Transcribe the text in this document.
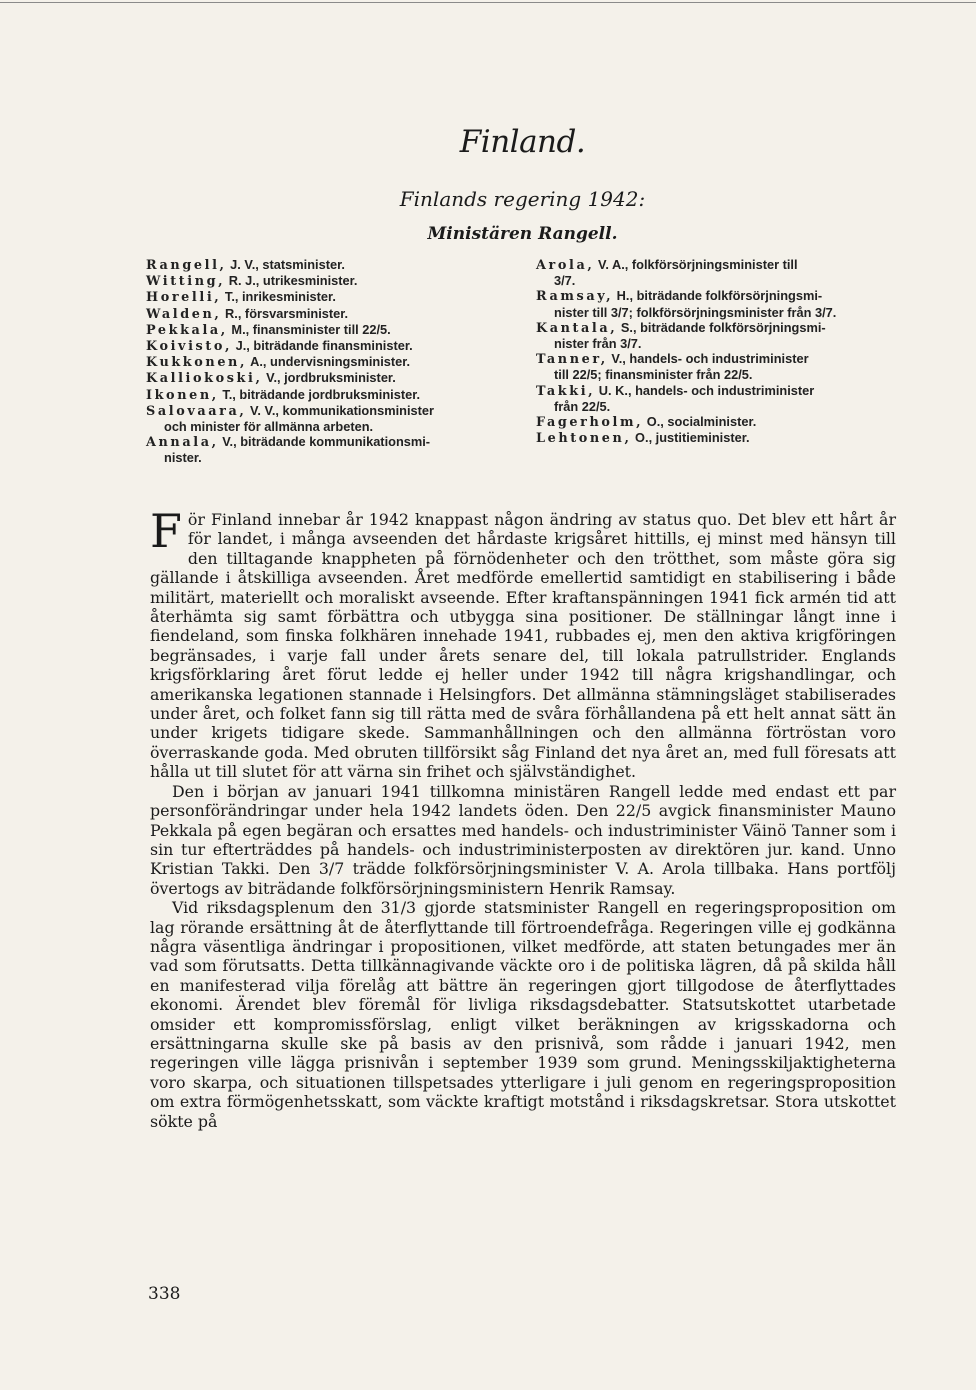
Finland.
Finlands regering 1942:
Ministären Rangell.
Rangell, J. V., statsminister.
Witting, R. J., utrikesminister.
Horelli, T., inrikesminister.
Walden, R., försvarsminister.
Pekkala, M., finansminister till 22/5.
Koivisto, J., biträdande finansminister.
Kukkonen, A., undervisningsminister.
Kalliokoski, V., jordbruksminister.
Ikonen, T., biträdande jordbruksminister.
Salovaara, V. V., kommunikationsminister
och minister för allmänna arbeten.
Annala, V., biträdande kommunikationsmi-
nister.
Arola, V. A., folkförsörjningsminister till
3/7.
Ramsay, H., biträdande folkförsörjningsmi-
nister till 3/7; folkförsörjningsminister från 3/7.
Kantala, S., biträdande folkförsörjningsmi-
nister från 3/7.
Tanner, V., handels- och industriminister
till 22/5; finansminister från 22/5.
Takki, U. K., handels- och industriminister
från 22/5.
Fagerholm, O., socialminister.
Lehtonen, O., justitieminister.

För Finland innebar år 1942 knappast någon ändring av status quo. Det blev ett hårt år för landet, i många avseenden det hårdaste krigsåret hittills, ej minst med hänsyn till den tilltagande knappheten på förnödenheter och den trötthet, som måste göra sig gällande i åtskilliga avseenden. Året medförde emellertid samtidigt en stabilisering i både militärt, materiellt och moraliskt avseende. Efter kraftanspänningen 1941 fick armén tid att återhämta sig samt förbättra och utbygga sina positioner. De ställningar långt inne i fiendeland, som finska folkhären innehade 1941, rubbades ej, men den aktiva krigföringen begränsades, i varje fall under årets senare del, till lokala patrullstrider. Englands krigsförklaring året förut ledde ej heller under 1942 till några krigshandlingar, och amerikanska legationen stannade i Helsingfors. Det allmänna stämningsläget stabiliserades under året, och folket fann sig till rätta med de svåra förhållandena på ett helt annat sätt än under krigets tidigare skede. Sammanhållningen och den allmänna förtröstan voro överraskande goda. Med obruten tillförsikt såg Finland det nya året an, med full föresats att hålla ut till slutet för att värna sin frihet och självständighet.

Den i början av januari 1941 tillkomna ministären Rangell ledde med endast ett par personförändringar under hela 1942 landets öden. Den 22/5 avgick finansminister Mauno Pekkala på egen begäran och ersattes med handels- och industriminister Väinö Tanner som i sin tur efterträddes på handels- och industriministerposten av direktören jur. kand. Unno Kristian Takki. Den 3/7 trädde folkförsörjningsminister V. A. Arola tillbaka. Hans portfölj övertogs av biträdande folkförsörjningsministern Henrik Ramsay.

Vid riksdagsplenum den 31/3 gjorde statsminister Rangell en regeringsproposition om lag rörande ersättning åt de återflyttande till förtroendefråga. Regeringen ville ej godkänna några väsentliga ändringar i propositionen, vilket medförde, att staten betungades mer än vad som förutsatts. Detta tillkännagivande väckte oro i de politiska lägren, då på skilda håll en manifesterad vilja förelåg att bättre än regeringen gjort tillgodose de återflyttades ekonomi. Ärendet blev föremål för livliga riksdagsdebatter. Statsutskottet utarbetade omsider ett kompromissförslag, enligt vilket beräkningen av krigsskadorna och ersättningarna skulle ske på basis av den prisnivå, som rådde i januari 1942, men regeringen ville lägga prisnivån i september 1939 som grund. Meningsskiljaktigheterna voro skarpa, och situationen tillspetsades ytterligare i juli genom en regeringsproposition om extra förmögenhetsskatt, som väckte kraftigt motstånd i riksdagskretsar. Stora utskottet sökte på

338
